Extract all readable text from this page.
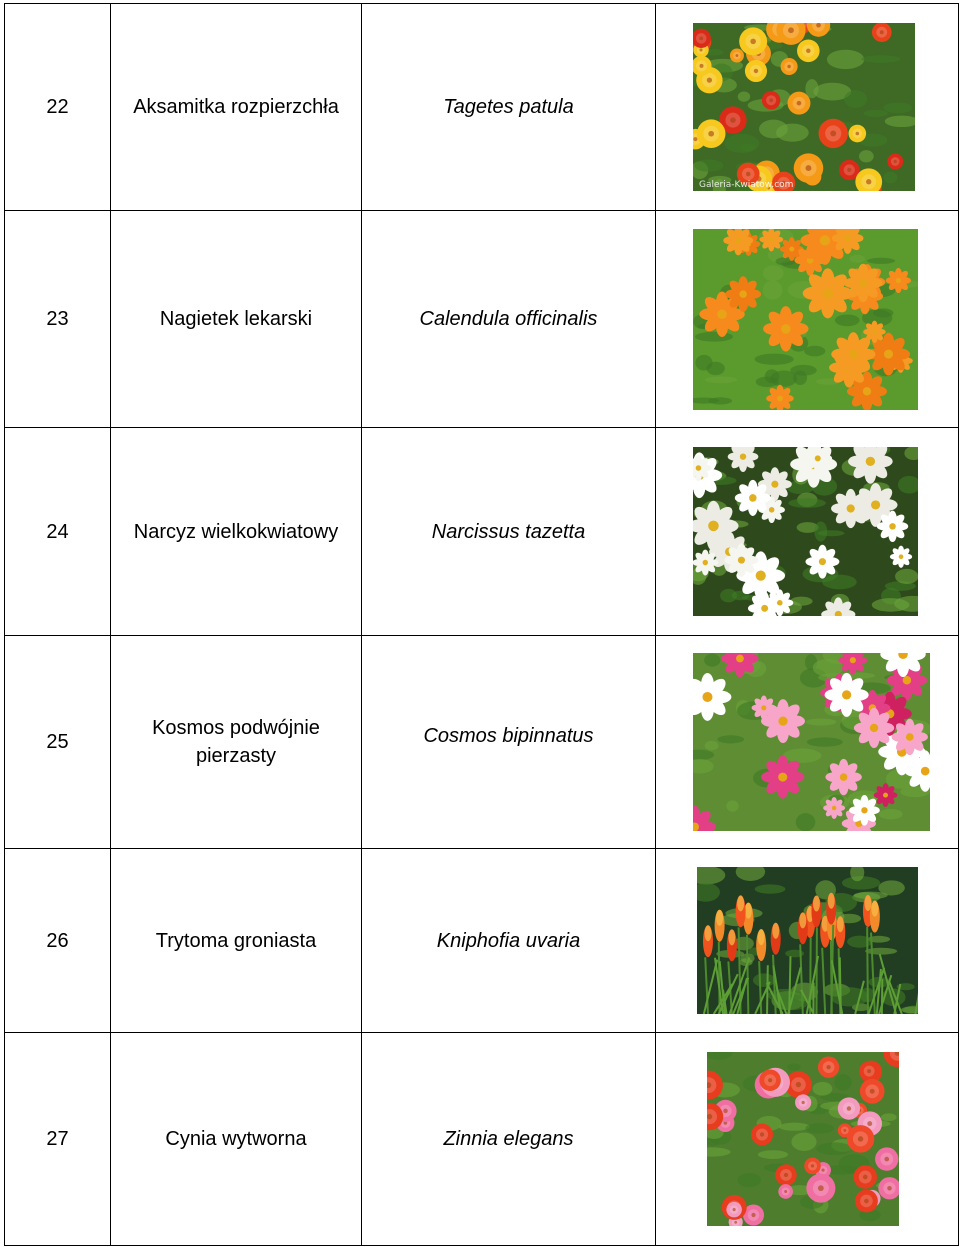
22	Aksamitka rozpierzchła	Tagetes patula	Galeria-Kwiatow.com

23	Nagietek lekarski	Calendula officinalis	

24	Narcyz wielkokwiatowy	Narcissus tazetta	

25	Kosmos podwójnie pierzasty	Cosmos bipinnatus	

26	Trytoma groniasta	Kniphofia uvaria	

27	Cynia wytworna	Zinnia elegans	
